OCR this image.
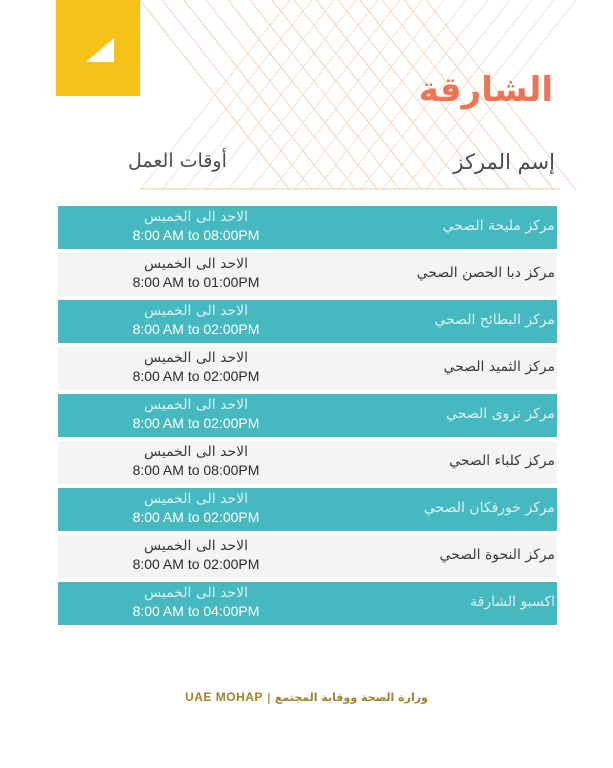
الشارقة
إسم المركز
أوقات العمل
الاحد الى الخميس
8:00 AM to 08:00PM
مركز مليحة الصحي
الاحد الى الخميس
8:00 AM to 01:00PM
مركز دبا الحصن الصحي
الاحد الى الخميس
8:00 AM to 02:00PM
مركز البطائح الصحي
الاحد الى الخميس
8:00 AM to 02:00PM
مركز الثميد الصحي
الاحد الى الخميس
8:00 AM to 02:00PM
مركز نزوى الصحي
الاحد الى الخميس
8:00 AM to 08:00PM
مركز كلباء الصحي
الاحد الى الخميس
8:00 AM to 02:00PM
مركز خورفكان الصحي
الاحد الى الخميس
8:00 AM to 02:00PM
مركز النحوة الصحي
الاحد الى الخميس
8:00 AM to 04:00PM
اكسبو الشارقة
UAE MOHAP | وزارة الصحة ووقاية المجتمع
